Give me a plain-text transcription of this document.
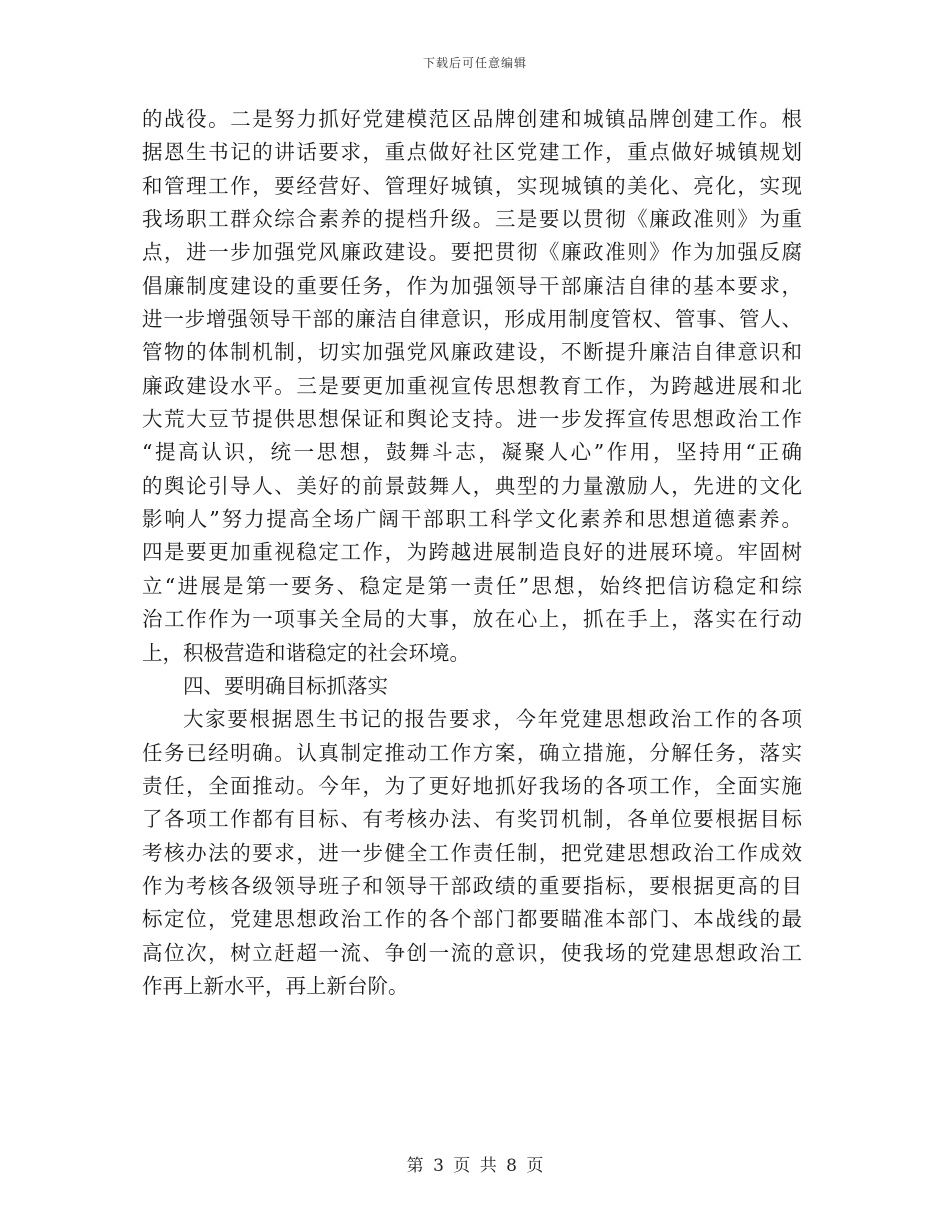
下载后可任意编辑
的战役。二是努力抓好党建模范区品牌创建和城镇品牌创建工作。根
据恩生书记的讲话要求，重点做好社区党建工作，重点做好城镇规划
和管理工作，要经营好、管理好城镇，实现城镇的美化、亮化，实现
我场职工群众综合素养的提档升级。三是要以贯彻《廉政准则》为重
点，进一步加强党风廉政建设。要把贯彻《廉政准则》作为加强反腐
倡廉制度建设的重要任务，作为加强领导干部廉洁自律的基本要求，
进一步增强领导干部的廉洁自律意识，形成用制度管权、管事、管人、
管物的体制机制，切实加强党风廉政建设，不断提升廉洁自律意识和
廉政建设水平。三是要更加重视宣传思想教育工作，为跨越进展和北
大荒大豆节提供思想保证和舆论支持。进一步发挥宣传思想政治工作
“提高认识，统一思想，鼓舞斗志，凝聚人心”作用，坚持用“正确
的舆论引导人、美好的前景鼓舞人，典型的力量激励人，先进的文化
影响人”努力提高全场广阔干部职工科学文化素养和思想道德素养。
四是要更加重视稳定工作，为跨越进展制造良好的进展环境。牢固树
立“进展是第一要务、稳定是第一责任”思想，始终把信访稳定和综
治工作作为一项事关全局的大事，放在心上，抓在手上，落实在行动
上，积极营造和谐稳定的社会环境。
四、要明确目标抓落实
大家要根据恩生书记的报告要求，今年党建思想政治工作的各项
任务已经明确。认真制定推动工作方案，确立措施，分解任务，落实
责任，全面推动。今年，为了更好地抓好我场的各项工作，全面实施
了各项工作都有目标、有考核办法、有奖罚机制，各单位要根据目标
考核办法的要求，进一步健全工作责任制，把党建思想政治工作成效
作为考核各级领导班子和领导干部政绩的重要指标，要根据更高的目
标定位，党建思想政治工作的各个部门都要瞄准本部门、本战线的最
高位次，树立赶超一流、争创一流的意识，使我场的党建思想政治工
作再上新水平，再上新台阶。
第 3 页 共 8 页
